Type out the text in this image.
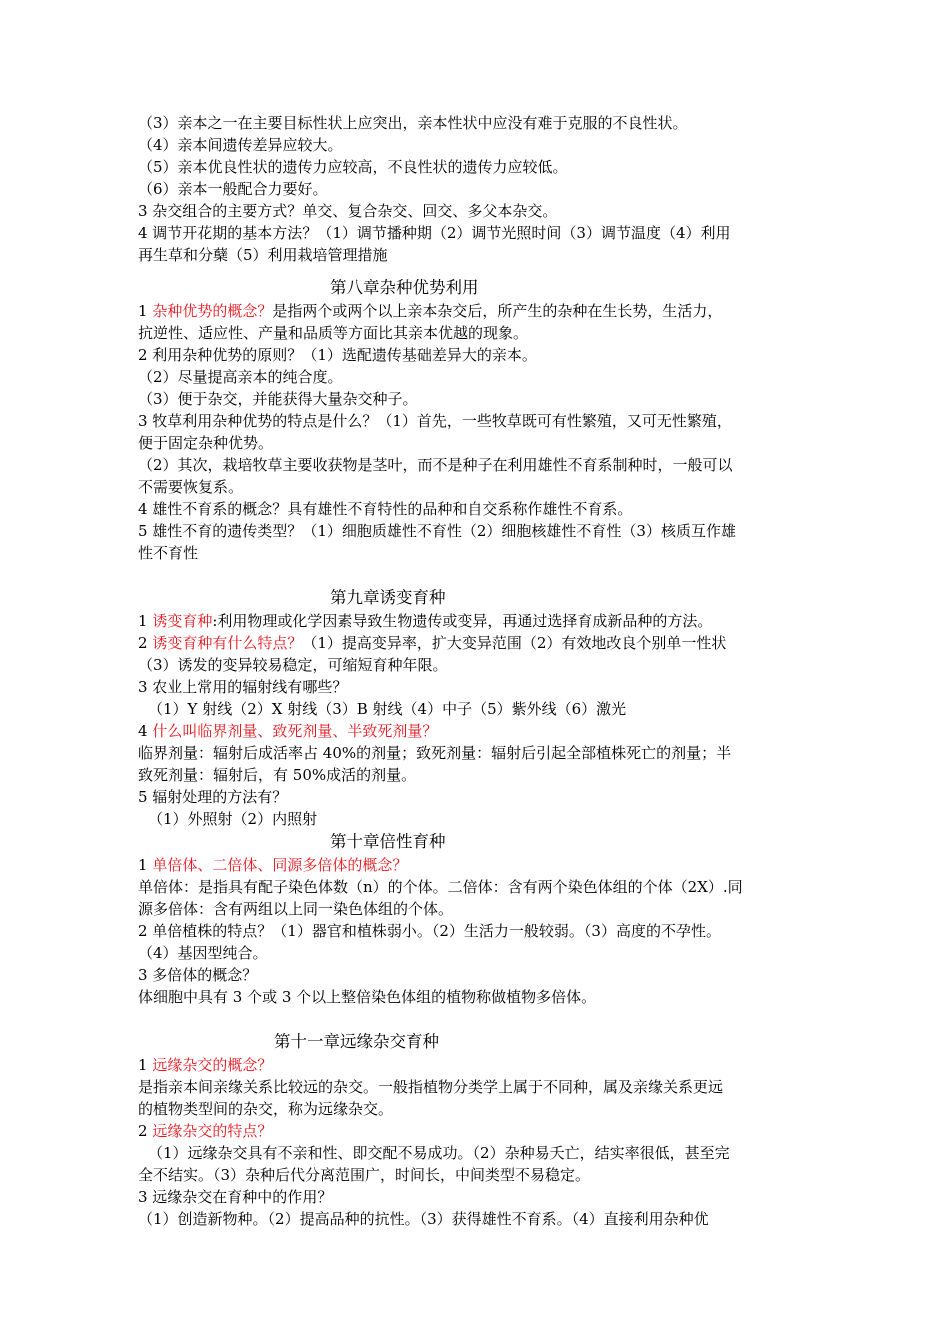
（3）亲本之一在主要目标性状上应突出，亲本性状中应没有难于克服的不良性状。
（4）亲本间遗传差异应较大。
（5）亲本优良性状的遗传力应较高，不良性状的遗传力应较低。
（6）亲本一般配合力要好。
3 杂交组合的主要方式？单交、复合杂交、回交、多父本杂交。
4 调节开花期的基本方法？（1）调节播种期（2）调节光照时间（3）调节温度（4）利用
再生草和分蘖（5）利用栽培管理措施
第八章杂种优势利用
1 杂种优势的概念？是指两个或两个以上亲本杂交后，所产生的杂种在生长势，生活力，
抗逆性、适应性、产量和品质等方面比其亲本优越的现象。
2 利用杂种优势的原则？（1）选配遗传基础差异大的亲本。
（2）尽量提高亲本的纯合度。
（3）便于杂交，并能获得大量杂交种子。
3 牧草利用杂种优势的特点是什么？（1）首先，一些牧草既可有性繁殖，又可无性繁殖，
便于固定杂种优势。
（2）其次，栽培牧草主要收获物是茎叶，而不是种子在利用雄性不育系制种时，一般可以
不需要恢复系。
4 雄性不育系的概念？具有雄性不育特性的品种和自交系称作雄性不育系。
5 雄性不育的遗传类型？（1）细胞质雄性不育性（2）细胞核雄性不育性（3）核质互作雄
性不育性
第九章诱变育种
1 诱变育种:利用物理或化学因素导致生物遗传或变异，再通过选择育成新品种的方法。
2 诱变育种有什么特点？（1）提高变异率，扩大变异范围（2）有效地改良个别单一性状
（3）诱发的变异较易稳定，可缩短育种年限。
3 农业上常用的辐射线有哪些？
（1）Y 射线（2）X 射线（3）B 射线（4）中子（5）紫外线（6）激光
4 什么叫临界剂量、致死剂量、半致死剂量？
临界剂量：辐射后成活率占 40%的剂量；致死剂量：辐射后引起全部植株死亡的剂量；半
致死剂量：辐射后，有 50%成活的剂量。
5 辐射处理的方法有？
（1）外照射（2）内照射
第十章倍性育种
1 单倍体、二倍体、同源多倍体的概念？
单倍体：是指具有配子染色体数（n）的个体。二倍体：含有两个染色体组的个体（2X）.同
源多倍体：含有两组以上同一染色体组的个体。
2 单倍植株的特点？（1）器官和植株弱小。（2）生活力一般较弱。（3）高度的不孕性。
（4）基因型纯合。
3 多倍体的概念？
体细胞中具有 3 个或 3 个以上整倍染色体组的植物称做植物多倍体。
第十一章远缘杂交育种
1 远缘杂交的概念？
是指亲本间亲缘关系比较远的杂交。一般指植物分类学上属于不同种，属及亲缘关系更远
的植物类型间的杂交，称为远缘杂交。
2 远缘杂交的特点？
（1）远缘杂交具有不亲和性、即交配不易成功。（2）杂种易夭亡，结实率很低，甚至完
全不结实。（3）杂种后代分离范围广，时间长，中间类型不易稳定。
3 远缘杂交在育种中的作用？
（1）创造新物种。（2）提高品种的抗性。（3）获得雄性不育系。（4）直接利用杂种优
